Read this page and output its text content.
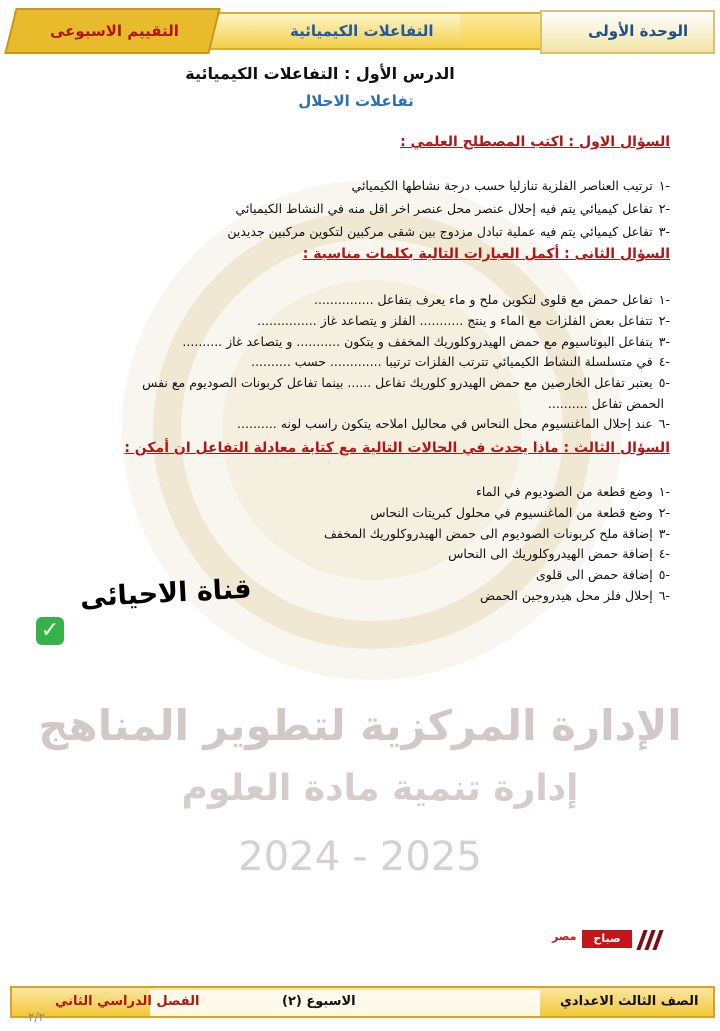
الإدارة المركزية لتطوير المناهج
إدارة تنمية مادة العلوم
2024 - 2025
التقييم الاسبوعى	التفاعلات الكيميائية	الوحدة الأولى
الدرس الأول : التفاعلات الكيميائية
تفاعلات الاحلال
السؤال الاول : اكتب المصطلح العلمي :
-١ترتيب العناصر الفلزية تنازليا حسب درجة نشاطها الكيميائي
-٢تفاعل كيميائي يتم فيه إحلال عنصر محل عنصر اخر اقل منه في النشاط الكيميائي
-٣تفاعل كيميائي يتم فيه عملية تبادل مزدوج بين شقى مركبين لتكوين مركبين جديدين
السؤال الثانى : أكمل العبارات التالية بكلمات مناسبة :
-١تفاعل حمض مع قلوى لتكوين ملح و ماء يعرف بتفاعل ...............
-٢تتفاعل بعض الفلزات مع الماء و ينتج ........... الفلز و يتصاعد غاز ...............
-٣يتفاعل البوتاسيوم مع حمض الهيدروكلوريك المخفف و يتكون ........... و يتصاعد غاز ..........
-٤في متسلسلة النشاط الكيميائي تترتب الفلزات ترتيبا ............. حسب ..........
-٥يعتبر تفاعل الخارصين مع حمض الهيدرو كلوريك تفاعل ...... بينما تفاعل كربونات الصوديوم مع نفس
الحمض تفاعل ..........
-٦عند إحلال الماغنسيوم محل النحاس في محاليل املاحه يتكون راسب لونه ..........
السؤال الثالث : ماذا يحدث في الحالات التالية مع كتابة معادلة التفاعل ان أمكن :
-١وضع قطعة من الصوديوم في الماء
-٢وضع قطعة من الماغنسيوم في محلول كبريتات النحاس
-٣إضافة ملح كربونات الصوديوم الى حمض الهيدروكلوريك المخفف
-٤إضافة حمض الهيدروكلوريك الى النحاس
-٥إضافة حمض الى قلوى
-٦إحلال فلز محل هيدروجين الحمض
قناة الاحيائى
✓
مصر	صباح
الصف الثالث الاعدادي
الاسبوع (٢)
الفصل الدراسي الثاني
٢/٢
